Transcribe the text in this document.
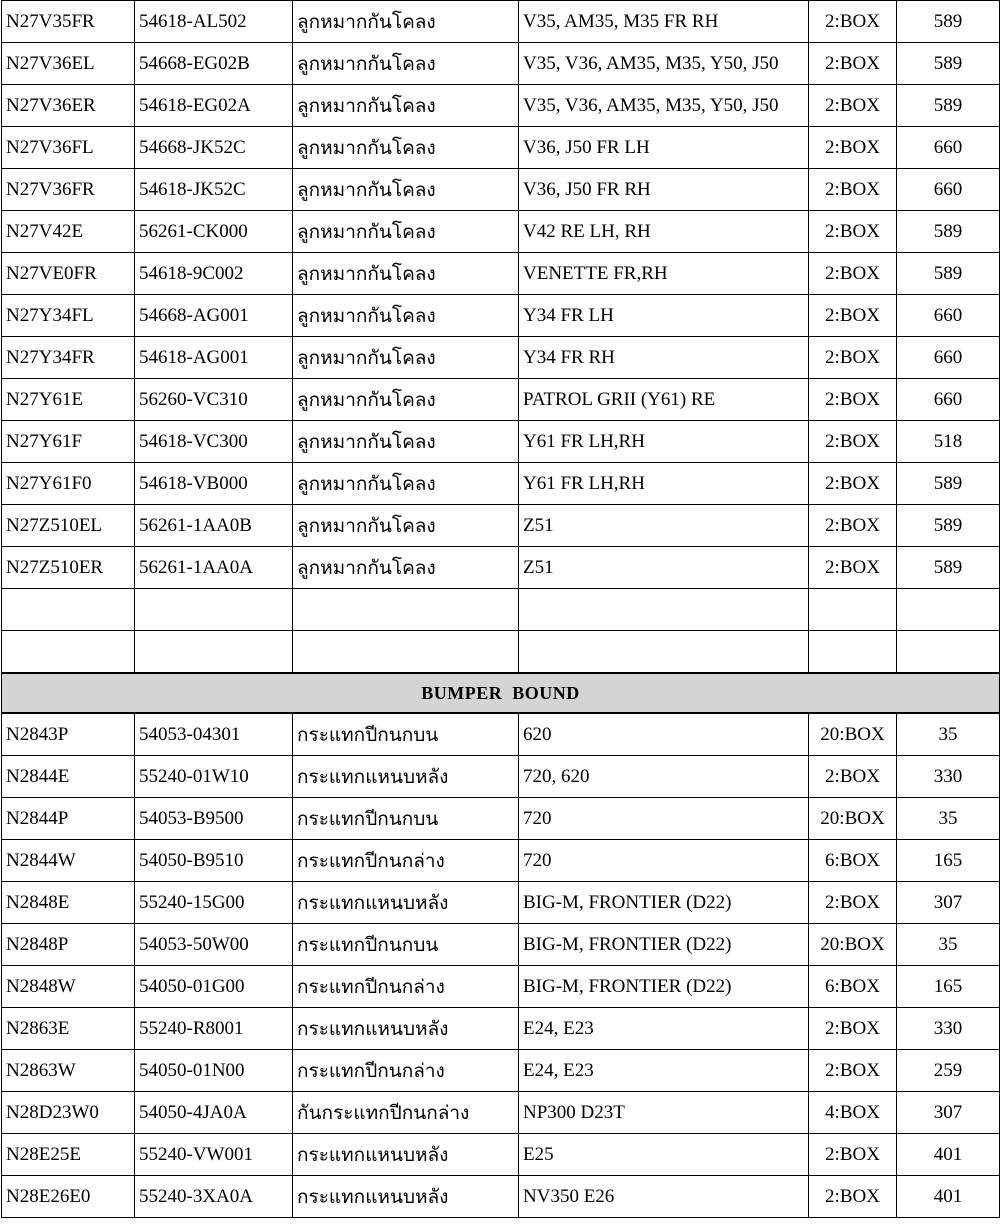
N27V35FR	54618-AL502	ลูกหมากกันโคลง	V35, AM35, M35 FR RH	2:BOX	589
N27V36EL	54668-EG02B	ลูกหมากกันโคลง	V35, V36, AM35, M35, Y50, J50	2:BOX	589
N27V36ER	54618-EG02A	ลูกหมากกันโคลง	V35, V36, AM35, M35, Y50, J50	2:BOX	589
N27V36FL	54668-JK52C	ลูกหมากกันโคลง	V36, J50 FR LH	2:BOX	660
N27V36FR	54618-JK52C	ลูกหมากกันโคลง	V36, J50 FR RH	2:BOX	660
N27V42E	56261-CK000	ลูกหมากกันโคลง	V42 RE LH, RH	2:BOX	589
N27VE0FR	54618-9C002	ลูกหมากกันโคลง	VENETTE FR,RH	2:BOX	589
N27Y34FL	54668-AG001	ลูกหมากกันโคลง	Y34 FR LH	2:BOX	660
N27Y34FR	54618-AG001	ลูกหมากกันโคลง	Y34 FR RH	2:BOX	660
N27Y61E	56260-VC310	ลูกหมากกันโคลง	PATROL GRII (Y61) RE	2:BOX	660
N27Y61F	54618-VC300	ลูกหมากกันโคลง	Y61 FR LH,RH	2:BOX	518
N27Y61F0	54618-VB000	ลูกหมากกันโคลง	Y61 FR LH,RH	2:BOX	589
N27Z510EL	56261-1AA0B	ลูกหมากกันโคลง	Z51	2:BOX	589
N27Z510ER	56261-1AA0A	ลูกหมากกันโคลง	Z51	2:BOX	589

BUMPER  BOUND					
N2843P	54053-04301	กระแทกปีกนกบน	620	20:BOX	35
N2844E	55240-01W10	กระแทกแหนบหลัง	720, 620	2:BOX	330
N2844P	54053-B9500	กระแทกปีกนกบน	720	20:BOX	35
N2844W	54050-B9510	กระแทกปีกนกล่าง	720	6:BOX	165
N2848E	55240-15G00	กระแทกแหนบหลัง	BIG-M, FRONTIER (D22)	2:BOX	307
N2848P	54053-50W00	กระแทกปีกนกบน	BIG-M, FRONTIER (D22)	20:BOX	35
N2848W	54050-01G00	กระแทกปีกนกล่าง	BIG-M, FRONTIER (D22)	6:BOX	165
N2863E	55240-R8001	กระแทกแหนบหลัง	E24, E23	2:BOX	330
N2863W	54050-01N00	กระแทกปีกนกล่าง	E24, E23	2:BOX	259
N28D23W0	54050-4JA0A	กันกระแทกปีกนกล่าง	NP300 D23T	4:BOX	307
N28E25E	55240-VW001	กระแทกแหนบหลัง	E25	2:BOX	401
N28E26E0	55240-3XA0A	กระแทกแหนบหลัง	NV350 E26	2:BOX	401
